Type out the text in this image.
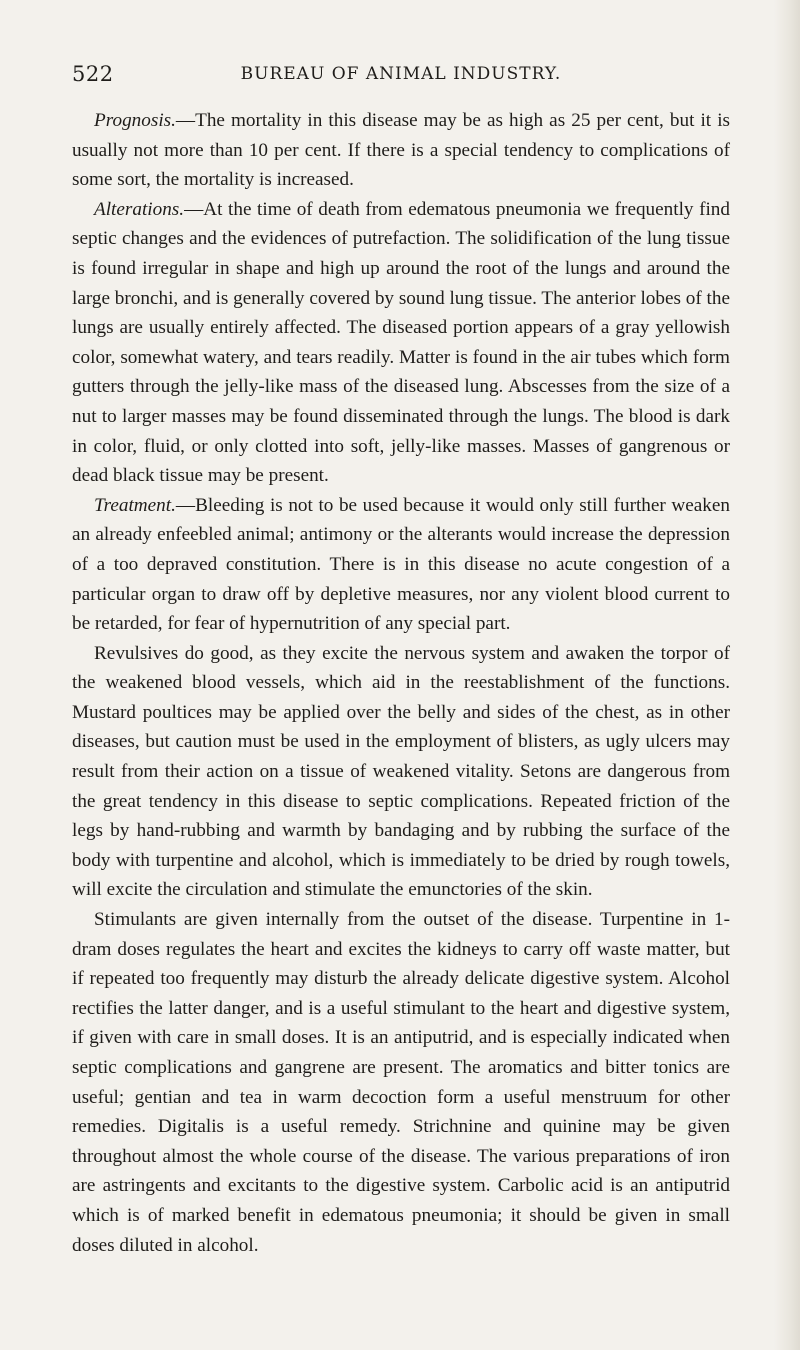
522	BUREAU OF ANIMAL INDUSTRY.

Prognosis.—The mortality in this disease may be as high as 25 per cent, but it is usually not more than 10 per cent. If there is a special tendency to complications of some sort, the mortality is increased.

Alterations.—At the time of death from edematous pneumonia we frequently find septic changes and the evidences of putrefaction. The solidification of the lung tissue is found irregular in shape and high up around the root of the lungs and around the large bronchi, and is generally covered by sound lung tissue. The anterior lobes of the lungs are usually entirely affected. The diseased portion appears of a gray yellowish color, somewhat watery, and tears readily. Matter is found in the air tubes which form gutters through the jelly-like mass of the diseased lung. Abscesses from the size of a nut to larger masses may be found disseminated through the lungs. The blood is dark in color, fluid, or only clotted into soft, jelly-like masses. Masses of gangrenous or dead black tissue may be present.

Treatment.—Bleeding is not to be used because it would only still further weaken an already enfeebled animal; antimony or the alterants would increase the depression of a too depraved constitution. There is in this disease no acute congestion of a particular organ to draw off by depletive measures, nor any violent blood current to be retarded, for fear of hypernutrition of any special part.

Revulsives do good, as they excite the nervous system and awaken the torpor of the weakened blood vessels, which aid in the reestablishment of the functions. Mustard poultices may be applied over the belly and sides of the chest, as in other diseases, but caution must be used in the employment of blisters, as ugly ulcers may result from their action on a tissue of weakened vitality. Setons are dangerous from the great tendency in this disease to septic complications. Repeated friction of the legs by hand-rubbing and warmth by bandaging and by rubbing the surface of the body with turpentine and alcohol, which is immediately to be dried by rough towels, will excite the circulation and stimulate the emunctories of the skin.

Stimulants are given internally from the outset of the disease. Turpentine in 1-dram doses regulates the heart and excites the kidneys to carry off waste matter, but if repeated too frequently may disturb the already delicate digestive system. Alcohol rectifies the latter danger, and is a useful stimulant to the heart and digestive system, if given with care in small doses. It is an antiputrid, and is especially indicated when septic complications and gangrene are present. The aromatics and bitter tonics are useful; gentian and tea in warm decoction form a useful menstruum for other remedies. Digitalis is a useful remedy. Strichnine and quinine may be given throughout almost the whole course of the disease. The various preparations of iron are astringents and excitants to the digestive system. Carbolic acid is an antiputrid which is of marked benefit in edematous pneumonia; it should be given in small doses diluted in alcohol.
